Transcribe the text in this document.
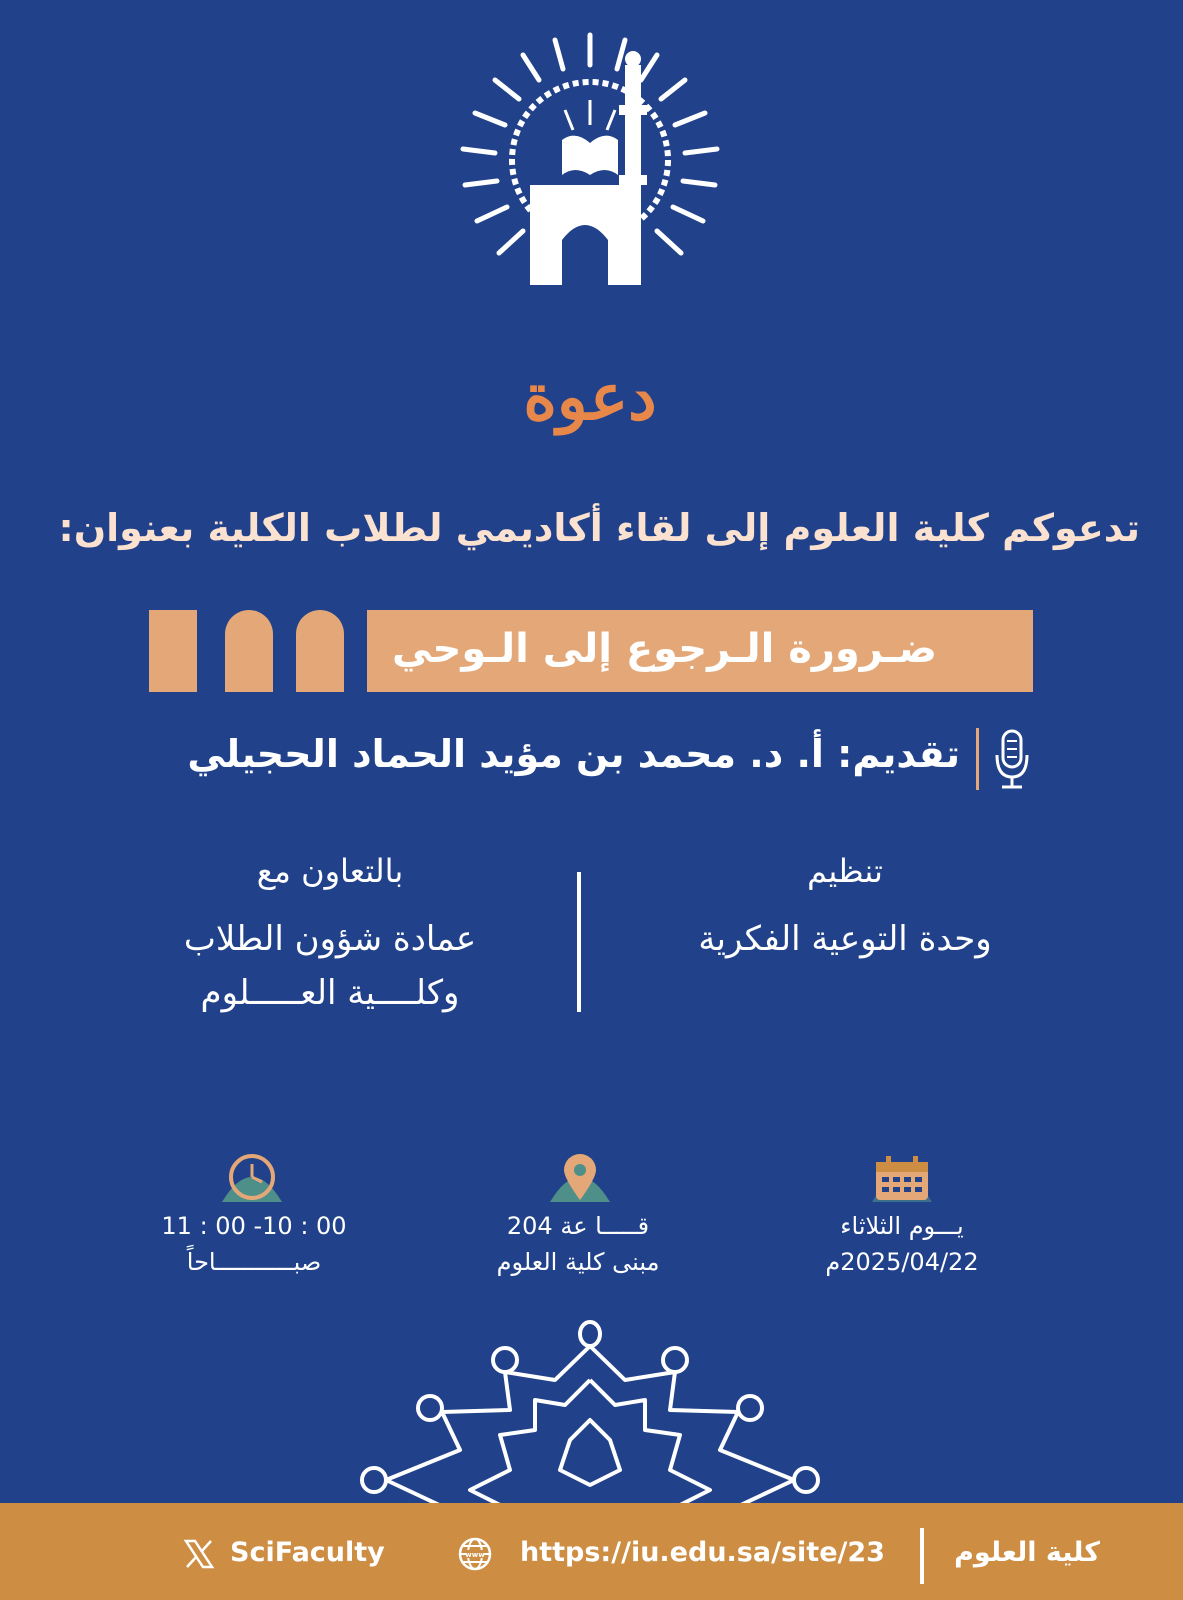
دعوة
تدعوكم كلية العلوم إلى لقاء أكاديمي لطلاب الكلية بعنوان:
ضـرورة الـرجوع إلى الـوحي
تقديم: أ. د. محمد بن مؤيد الحماد الحجيلي
تنظيم
وحدة التوعية الفكرية
بالتعاون مع
عمادة شؤون الطلاب
وكلــــية العـــــلوم
يـــوم الثلاثاء
2025/04/22م
قـــــا عة 204
مبنى كلية العلوم
00 : 10- 00 : 11
صبـــــــــــاحاً
SciFaculty	www https://iu.edu.sa/site/23	كلية العلوم
